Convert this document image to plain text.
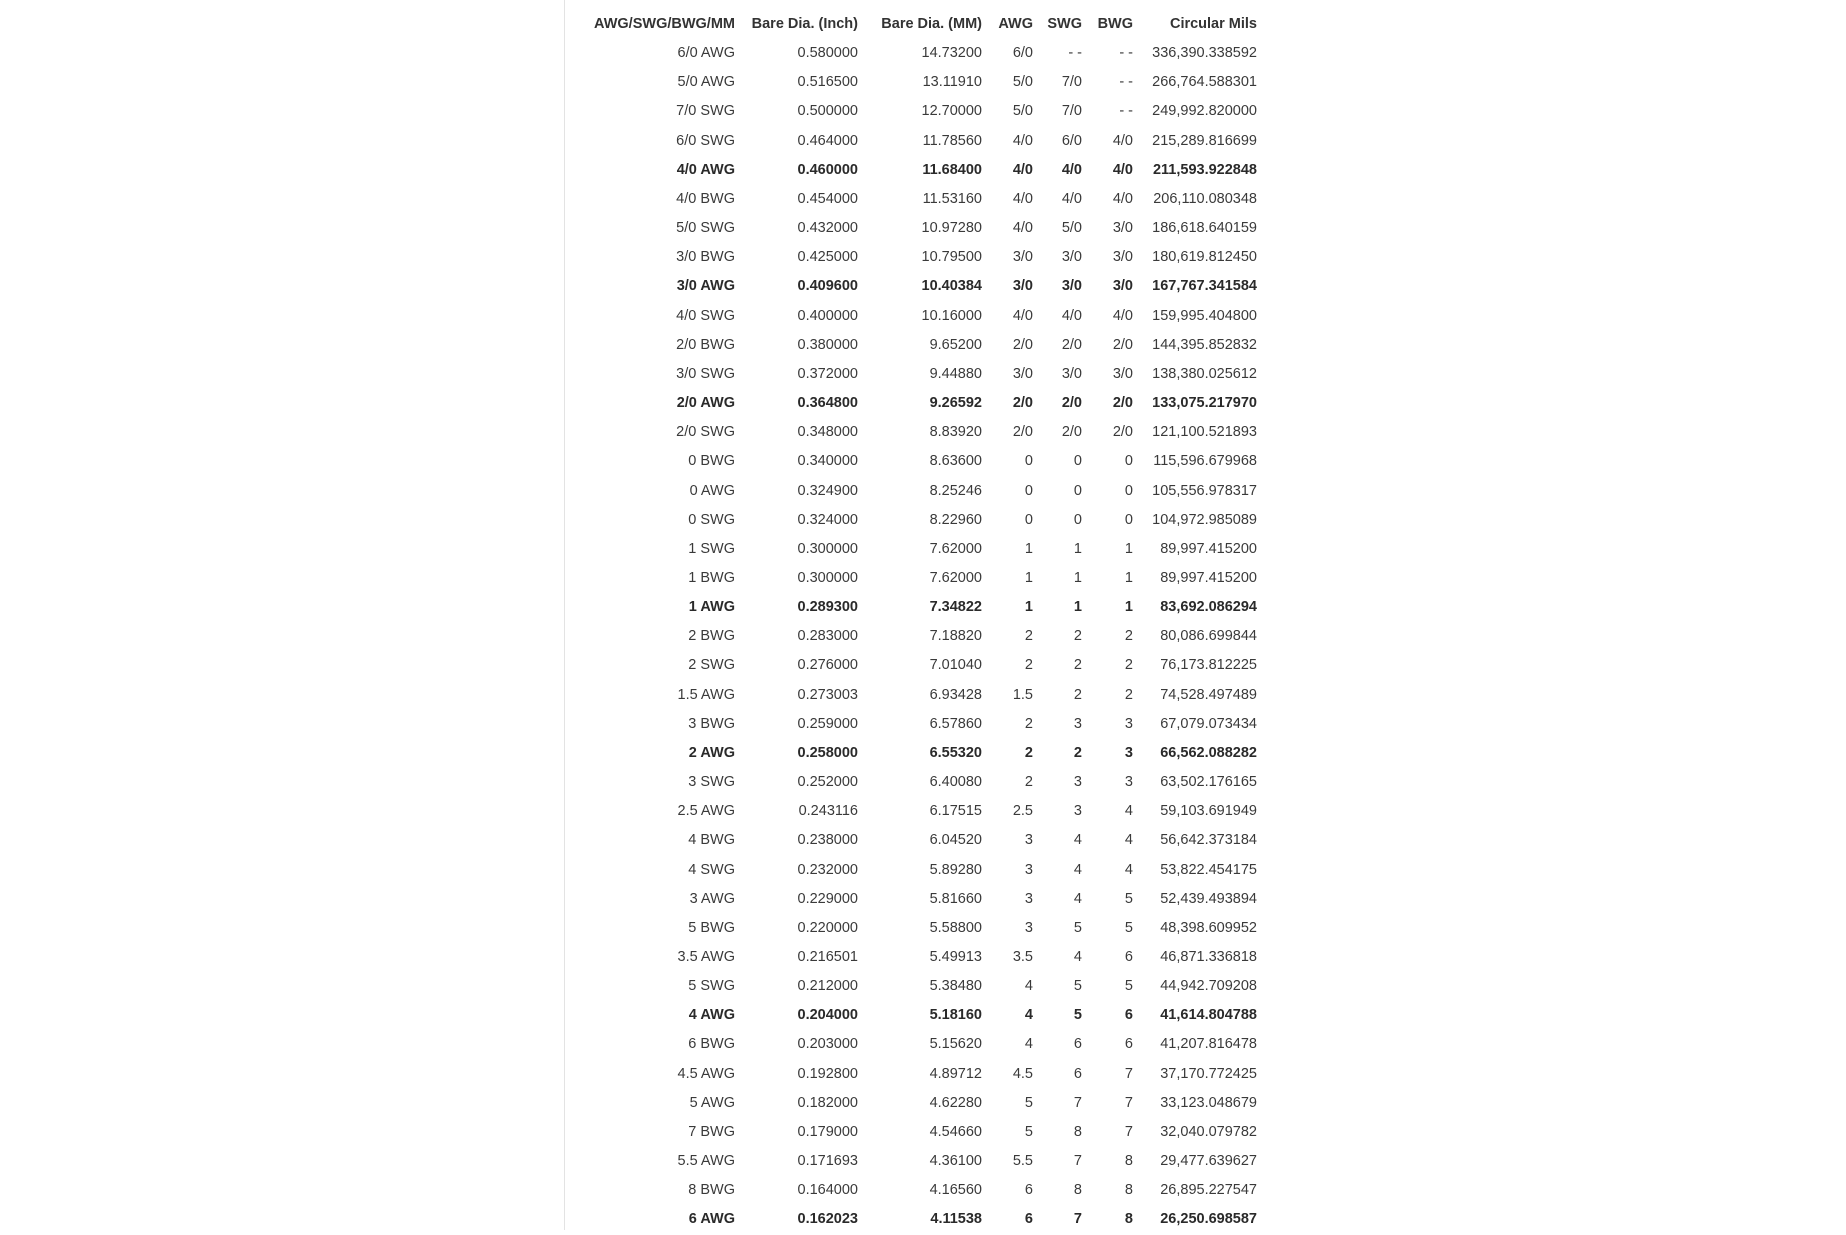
AWG/SWG/BWG/MM	Bare Dia. (Inch)	Bare Dia. (MM)	AWG	SWG	BWG	Circular Mils
6/0 AWG	0.580000	14.73200	6/0	- -	- -	336,390.338592
5/0 AWG	0.516500	13.11910	5/0	7/0	- -	266,764.588301
7/0 SWG	0.500000	12.70000	5/0	7/0	- -	249,992.820000
6/0 SWG	0.464000	11.78560	4/0	6/0	4/0	215,289.816699
4/0 AWG	0.460000	11.68400	4/0	4/0	4/0	211,593.922848
4/0 BWG	0.454000	11.53160	4/0	4/0	4/0	206,110.080348
5/0 SWG	0.432000	10.97280	4/0	5/0	3/0	186,618.640159
3/0 BWG	0.425000	10.79500	3/0	3/0	3/0	180,619.812450
3/0 AWG	0.409600	10.40384	3/0	3/0	3/0	167,767.341584
4/0 SWG	0.400000	10.16000	4/0	4/0	4/0	159,995.404800
2/0 BWG	0.380000	9.65200	2/0	2/0	2/0	144,395.852832
3/0 SWG	0.372000	9.44880	3/0	3/0	3/0	138,380.025612
2/0 AWG	0.364800	9.26592	2/0	2/0	2/0	133,075.217970
2/0 SWG	0.348000	8.83920	2/0	2/0	2/0	121,100.521893
0 BWG	0.340000	8.63600	0	0	0	115,596.679968
0 AWG	0.324900	8.25246	0	0	0	105,556.978317
0 SWG	0.324000	8.22960	0	0	0	104,972.985089
1 SWG	0.300000	7.62000	1	1	1	89,997.415200
1 BWG	0.300000	7.62000	1	1	1	89,997.415200
1 AWG	0.289300	7.34822	1	1	1	83,692.086294
2 BWG	0.283000	7.18820	2	2	2	80,086.699844
2 SWG	0.276000	7.01040	2	2	2	76,173.812225
1.5 AWG	0.273003	6.93428	1.5	2	2	74,528.497489
3 BWG	0.259000	6.57860	2	3	3	67,079.073434
2 AWG	0.258000	6.55320	2	2	3	66,562.088282
3 SWG	0.252000	6.40080	2	3	3	63,502.176165
2.5 AWG	0.243116	6.17515	2.5	3	4	59,103.691949
4 BWG	0.238000	6.04520	3	4	4	56,642.373184
4 SWG	0.232000	5.89280	3	4	4	53,822.454175
3 AWG	0.229000	5.81660	3	4	5	52,439.493894
5 BWG	0.220000	5.58800	3	5	5	48,398.609952
3.5 AWG	0.216501	5.49913	3.5	4	6	46,871.336818
5 SWG	0.212000	5.38480	4	5	5	44,942.709208
4 AWG	0.204000	5.18160	4	5	6	41,614.804788
6 BWG	0.203000	5.15620	4	6	6	41,207.816478
4.5 AWG	0.192800	4.89712	4.5	6	7	37,170.772425
5 AWG	0.182000	4.62280	5	7	7	33,123.048679
7 BWG	0.179000	4.54660	5	8	7	32,040.079782
5.5 AWG	0.171693	4.36100	5.5	7	8	29,477.639627
8 BWG	0.164000	4.16560	6	8	8	26,895.227547
6 AWG	0.162023	4.11538	6	7	8	26,250.698587
